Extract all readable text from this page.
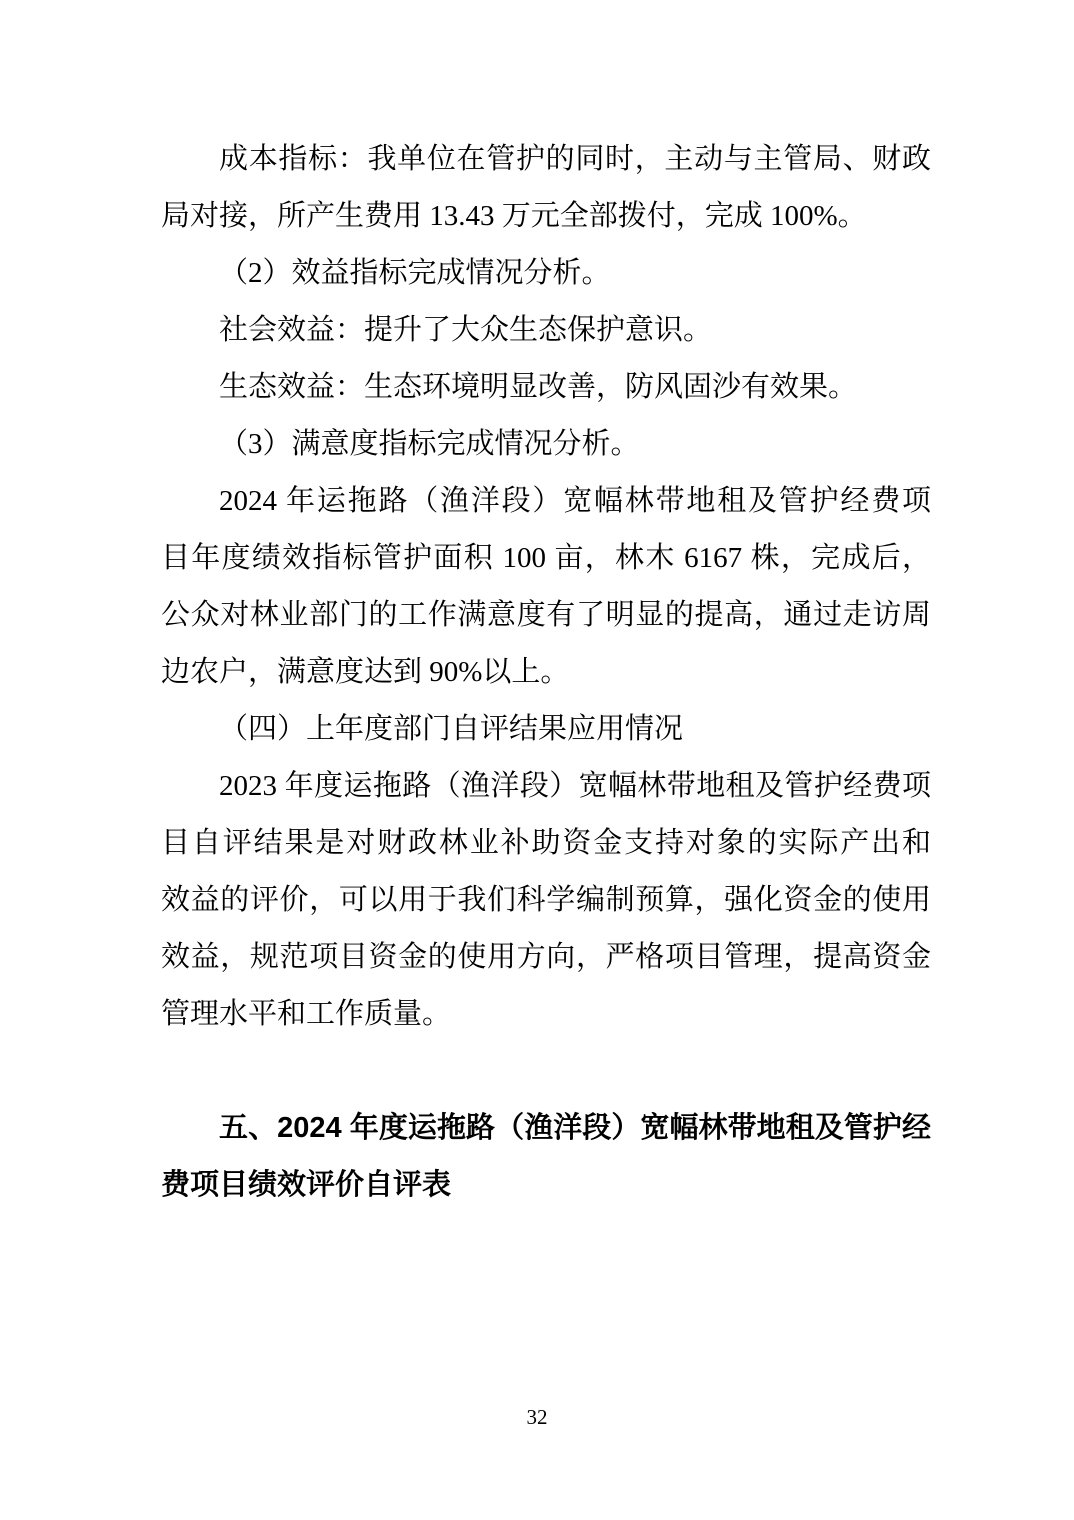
成本指标：我单位在管护的同时，主动与主管局、财政
局对接，所产生费用 13.43 万元全部拨付，完成 100%。
（2）效益指标完成情况分析。
社会效益：提升了大众生态保护意识。
生态效益：生态环境明显改善，防风固沙有效果。
（3）满意度指标完成情况分析。
2024 年运拖路（渔洋段）宽幅林带地租及管护经费项
目年度绩效指标管护面积 100 亩，林木 6167 株，完成后，
公众对林业部门的工作满意度有了明显的提高，通过走访周
边农户，满意度达到 90%以上。
（四）上年度部门自评结果应用情况
2023 年度运拖路（渔洋段）宽幅林带地租及管护经费项
目自评结果是对财政林业补助资金支持对象的实际产出和
效益的评价，可以用于我们科学编制预算，强化资金的使用
效益，规范项目资金的使用方向，严格项目管理，提高资金
管理水平和工作质量。
五、2024 年度运拖路（渔洋段）宽幅林带地租及管护经
费项目绩效评价自评表
32
